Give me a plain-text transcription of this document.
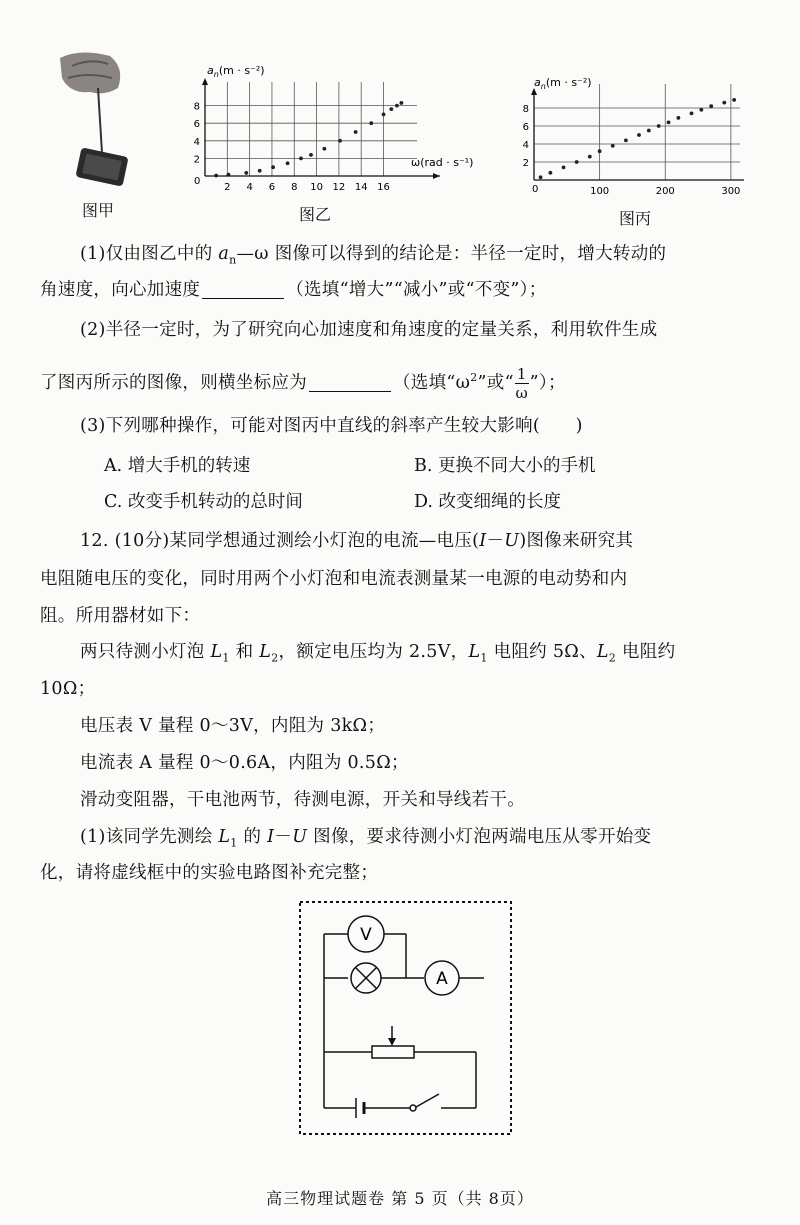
图甲
$a_n(m \cdot s^{-2})$
ω(rad · s⁻¹)
0
2
4
6
8
2 4 6 8 10 12 14 16
图乙
$a_n(m \cdot s^{-2})$
0
2
4
6
8
100	200	300
图丙
(1)仅由图乙中的 $a_n—\omega$ 图像可以得到的结论是：半径一定时，增大转动的
角速度，向心加速度	（选填“增大”“减小”或“不变”）；
(2)半径一定时，为了研究向心加速度和角速度的定量关系，利用软件生成
了图丙所示的图像，则横坐标应为	（选填“$\omega^2$”或“ $\frac{1}{\omega}$ ”）；
(3)下列哪种操作，可能对图丙中直线的斜率产生较大影响(　　)
A. 增大手机的转速	B. 更换不同大小的手机
C. 改变手机转动的总时间	D. 改变细绳的长度
12. (10分)某同学想通过测绘小灯泡的电流—电压(I－U)图像来研究其
电阻随电压的变化，同时用两个小灯泡和电流表测量某一电源的电动势和内
阻。所用器材如下：
两只待测小灯泡 $L_1$ 和 $L_2$，额定电压均为 2.5V，$L_1$ 电阻约 5Ω、$L_2$ 电阻约
10Ω；
电压表 V 量程 0～3V，内阻为 3kΩ；
电流表 A 量程 0～0.6A，内阻为 0.5Ω；
滑动变阻器，干电池两节，待测电源，开关和导线若干。
(1)该同学先测绘 $L_1$ 的 I－U 图像，要求待测小灯泡两端电压从零开始变
化，请将虚线框中的实验电路图补充完整；
V
A
高三物理试题卷 第 5 页（共 8页）
